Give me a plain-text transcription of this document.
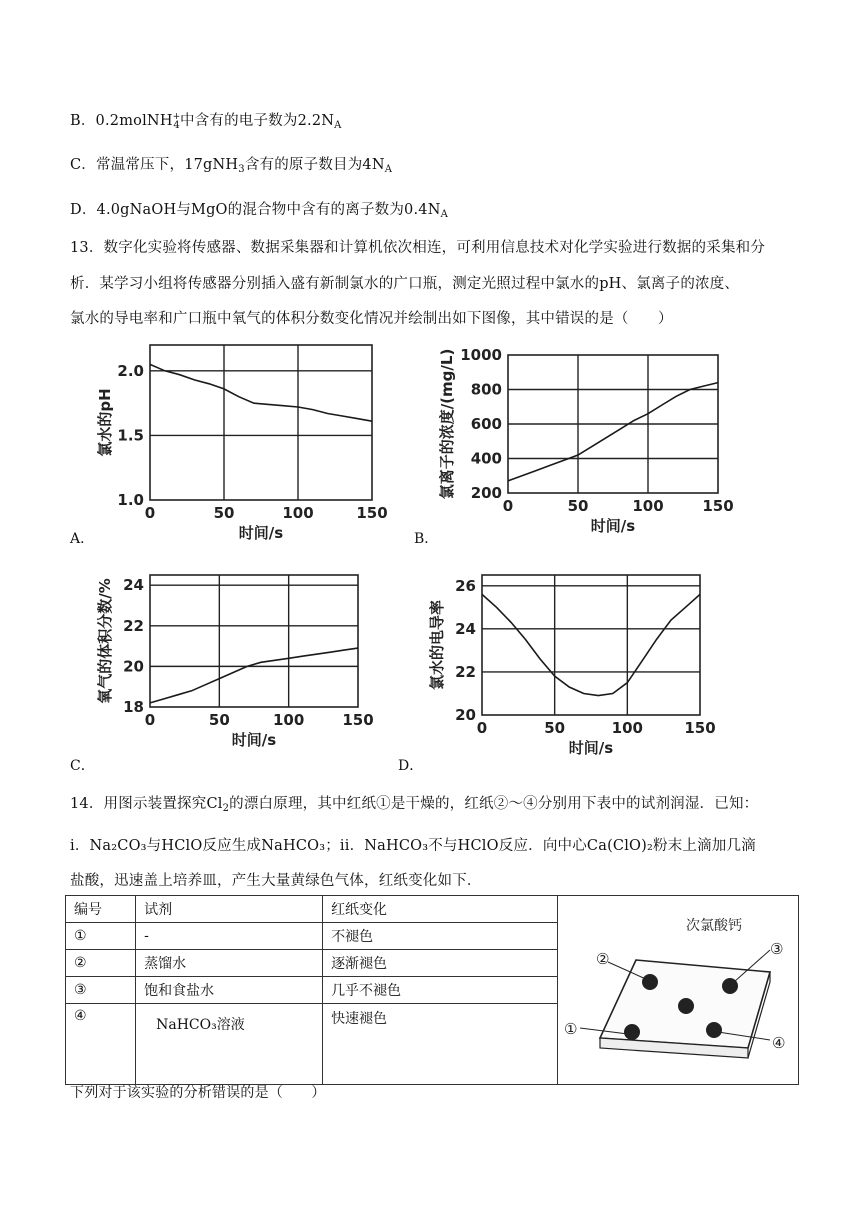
B．0.2molNH+$_4$中含有的电子数为$2.2N_A$
C．常温常压下，17gNH$_3$含有的原子数目为$4N_A$
D．4.0gNaOH与MgO的混合物中含有的离子数为$0.4N_A$
13．数字化实验将传感器、数据采集器和计算机依次相连，可利用信息技术对化学实验进行数据的采集和分
析．某学习小组将传感器分别插入盛有新制氯水的广口瓶，测定光照过程中氯水的pH、氯离子的浓度、
氯水的导电率和广口瓶中氧气的体积分数变化情况并绘制出如下图像，其中错误的是（　　）
0	50	100	150
1.0
1.5
2.0
时间/s
氯水的pH
0	50	100	150
200
400
600
800
1000
时间/s
氯离子的浓度/(mg/L)
0	50	100	150
18
20
22
24
时间/s
氧气的体积分数/%
0	50	100	150
20
22
24
26
时间/s
氯水的电导率
A．	B．
C．	D．
14．用图示装置探究$Cl_2$的漂白原理，其中红纸①是干燥的，红纸②～④分别用下表中的试剂润湿．已知：
i．Na₂CO₃与HClO反应生成NaHCO₃；ii．NaHCO₃不与HClO反应．向中心Ca(ClO)₂粉末上滴加几滴
盐酸，迅速盖上培养皿，产生大量黄绿色气体，红纸变化如下．
编号	试剂	红纸变化	次氯酸钙
②
③
①
④

①	-	不褪色	
②	蒸馏水	逐渐褪色	
③	饱和食盐水	几乎不褪色	
④	NaHCO₃溶液	快速褪色	
下列对于该实验的分析错误的是（　　）
